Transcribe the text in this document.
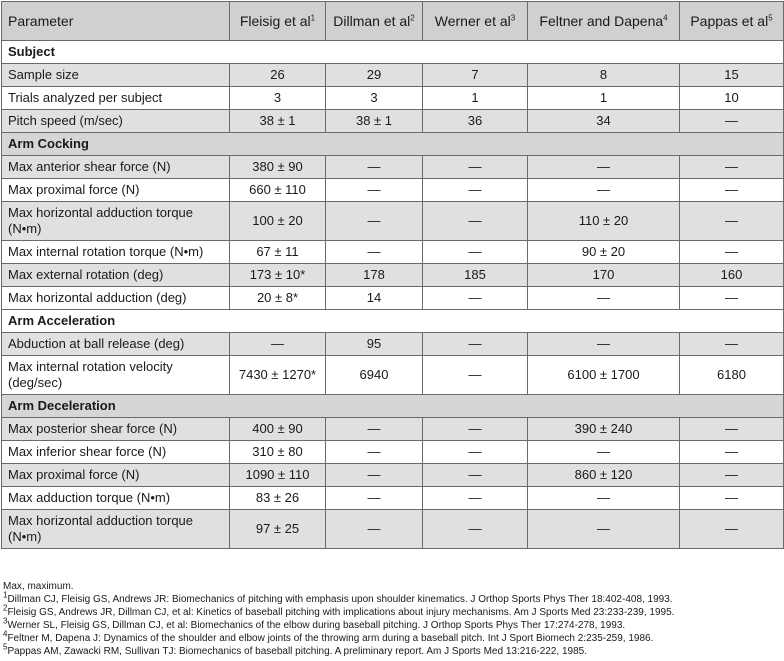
Parameter	Fleisig et $al^1$	Dillman et $al^2$	Werner et $al^3$	Feltner and Dapena$^4$	Pappas et $al^5$
Subject					
Sample size	26	29	7	8	15
Trials analyzed per subject	3	3	1	1	10
Pitch speed (m/sec)	38 ± 1	38 ± 1	36	34	—
Arm Cocking					
Max anterior shear force (N)	380 ± 90	—	—	—	—
Max proximal force (N)	660 ± 110	—	—	—	—
Max horizontal adduction torque (N•m)	100 ± 20	—	—	110 ± 20	—
Max internal rotation torque (N•m)	67 ± 11	—	—	90 ± 20	—
Max external rotation (deg)	173 ± 10*	178	185	170	160
Max horizontal adduction (deg)	20 ± 8*	14	—	—	—
Arm Acceleration					
Abduction at ball release (deg)	—	95	—	—	—
Max internal rotation velocity (deg/sec)	7430 ± 1270*	6940	—	6100 ± 1700	6180
Arm Deceleration					
Max posterior shear force (N)	400 ± 90	—	—	390 ± 240	—
Max inferior shear force (N)	310 ± 80	—	—	—	—
Max proximal force (N)	1090 ± 110	—	—	860 ± 120	—
Max adduction torque (N•m)	83 ± 26	—	—	—	—
Max horizontal adduction torque (N•m)	97 ± 25	—	—	—	—
Max, maximum.
$^1$Dillman CJ, Fleisig GS, Andrews JR: Biomechanics of pitching with emphasis upon shoulder kinematics. J Orthop Sports Phys Ther 18:402-408, 1993.
$^2$Fleisig GS, Andrews JR, Dillman CJ, et al: Kinetics of baseball pitching with implications about injury mechanisms. Am J Sports Med 23:233-239, 1995.
$^3$Werner SL, Fleisig GS, Dillman CJ, et al: Biomechanics of the elbow during baseball pitching. J Orthop Sports Phys Ther 17:274-278, 1993.
$^4$Feltner M, Dapena J: Dynamics of the shoulder and elbow joints of the throwing arm during a baseball pitch. Int J Sport Biomech 2:235-259, 1986.
$^5$Pappas AM, Zawacki RM, Sullivan TJ: Biomechanics of baseball pitching. A preliminary report. Am J Sports Med 13:216-222, 1985.
